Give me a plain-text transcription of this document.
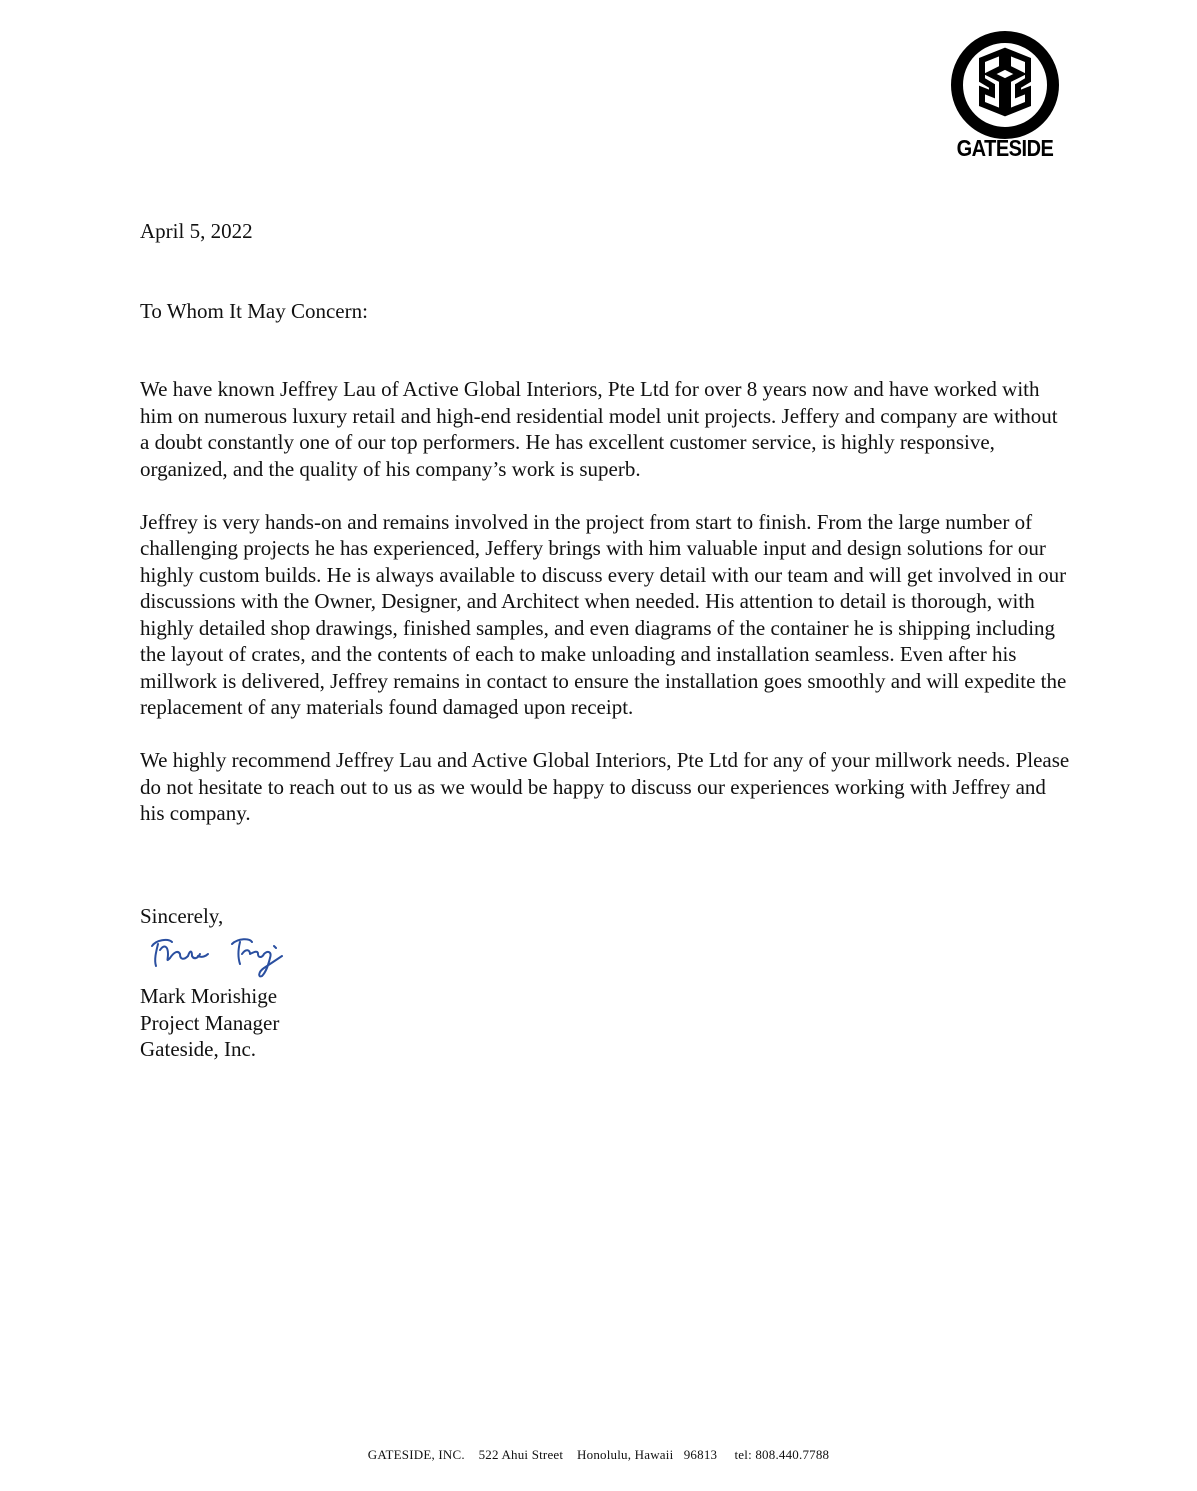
GATESIDE
April 5, 2022
To Whom It May Concern:

We have known Jeffrey Lau of Active Global Interiors, Pte Ltd for over 8 years now and have worked with him on numerous luxury retail and high-end residential model unit projects. Jeffery and company are without a doubt constantly one of our top performers. He has excellent customer service, is highly responsive, organized, and the quality of his company’s work is superb.

Jeffrey is very hands-on and remains involved in the project from start to finish. From the large number of challenging projects he has experienced, Jeffery brings with him valuable input and design solutions for our highly custom builds. He is always available to discuss every detail with our team and will get involved in our discussions with the Owner, Designer, and Architect when needed. His attention to detail is thorough, with highly detailed shop drawings, finished samples, and even diagrams of the container he is shipping including the layout of crates, and the contents of each to make unloading and installation seamless. Even after his millwork is delivered, Jeffrey remains in contact to ensure the installation goes smoothly and will expedite the replacement of any materials found damaged upon receipt.

We highly recommend Jeffrey Lau and Active Global Interiors, Pte Ltd for any of your millwork needs. Please do not hesitate to reach out to us as we would be happy to discuss our experiences working with Jeffrey and his company.

Sincerely,
Mark Morishige
Project Manager
Gateside, Inc.
GATESIDE, INC. 522 Ahui Street Honolulu, Hawaii   96813 tel: 808.440.7788
